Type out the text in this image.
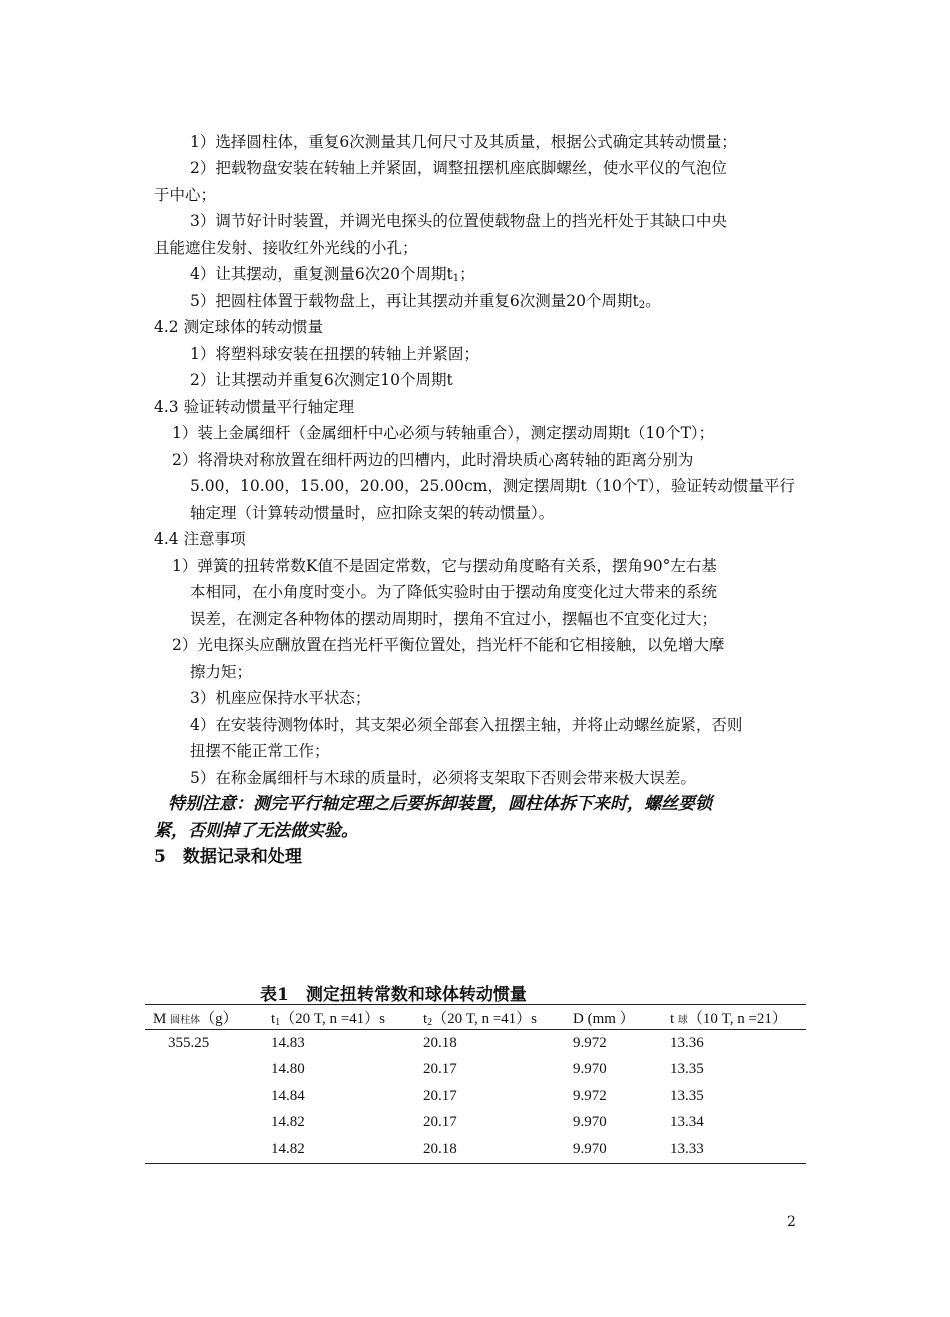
1）选择圆柱体，重复6次测量其几何尺寸及其质量，根据公式确定其转动惯量；
2）把载物盘安装在转轴上并紧固，调整扭摆机座底脚螺丝，使水平仪的气泡位
于中心；
3）调节好计时装置，并调光电探头的位置使载物盘上的挡光杆处于其缺口中央
且能遮住发射、接收红外光线的小孔；
4）让其摆动，重复测量6次20个周期$t_1$；
5）把圆柱体置于载物盘上，再让其摆动并重复6次测量20个周期$t_2$。
4.2 测定球体的转动惯量
1）将塑料球安装在扭摆的转轴上并紧固；
2）让其摆动并重复6次测定10个周期t
4.3 验证转动惯量平行轴定理
1）装上金属细杆（金属细杆中心必须与转轴重合），测定摆动周期t（10个T）；
2）将滑块对称放置在细杆两边的凹槽内，此时滑块质心离转轴的距离分别为
5.00，10.00，15.00，20.00，25.00cm，测定摆周期t（10个T），验证转动惯量平行
轴定理（计算转动惯量时，应扣除支架的转动惯量）。
4.4 注意事项
1）弹簧的扭转常数K值不是固定常数，它与摆动角度略有关系，摆角90°左右基
本相同，在小角度时变小。为了降低实验时由于摆动角度变化过大带来的系统
误差，在测定各种物体的摆动周期时，摆角不宜过小，摆幅也不宜变化过大；
2）光电探头应酬放置在挡光杆平衡位置处，挡光杆不能和它相接触，以免增大摩
擦力矩；
3）机座应保持水平状态；
4）在安装待测物体时，其支架必须全部套入扭摆主轴，并将止动螺丝旋紧，否则
扭摆不能正常工作；
5）在称金属细杆与木球的质量时，必须将支架取下否则会带来极大误差。
特别注意：测完平行轴定理之后要拆卸装置，圆柱体拆下来时，螺丝要锁
紧，否则掉了无法做实验。
5　数据记录和处理
表1　测定扭转常数和球体转动惯量
M 圆柱体（g）	$t_1(20$ T, n =41）s	$t_2(20$ T, n =41）s	D (mm ）	t 球（10 T, n =21）
355.25	14.83	20.18	9.972	13.36
	14.80	20.17	9.970	13.35
	14.84	20.17	9.972	13.35
	14.82	20.17	9.970	13.34
	14.82	20.18	9.970	13.33
2
